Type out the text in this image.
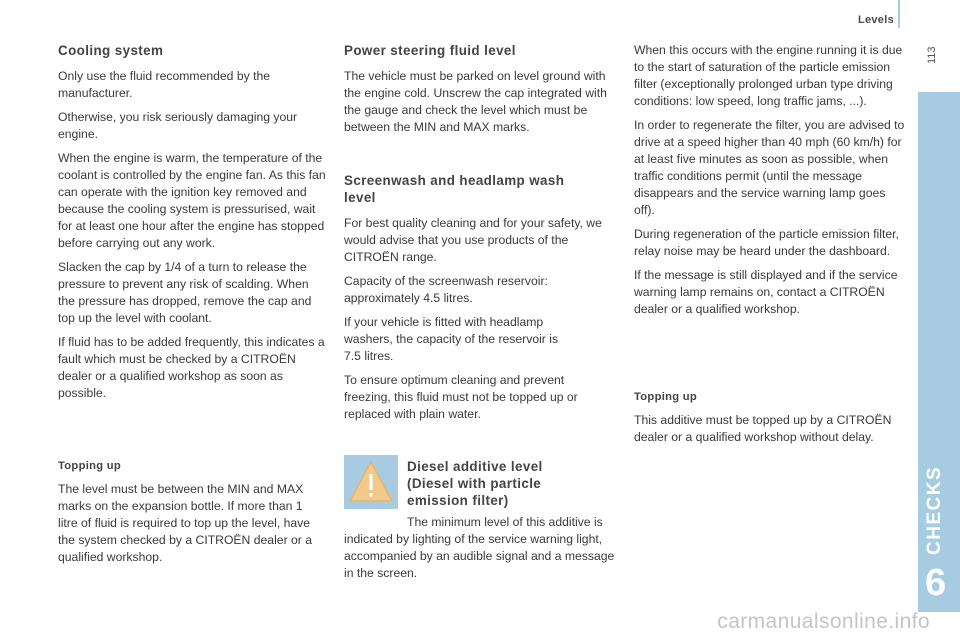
Levels
113
CHECKS
6
Cooling system

Only use the fluid recommended by the manufacturer.

Otherwise, you risk seriously damaging your engine.

When the engine is warm, the temperature of the coolant is controlled by the engine fan. As this fan can operate with the ignition key removed and because the cooling system is pressurised, wait for at least one hour after the engine has stopped before carrying out any work.

Slacken the cap by 1/4 of a turn to release the pressure to prevent any risk of scalding. When the pressure has dropped, remove the cap and top up the level with coolant.

If fluid has to be added frequently, this indicates a fault which must be checked by a CITROËN dealer or a qualified workshop as soon as possible.

Topping up

The level must be between the MIN and MAX marks on the expansion bottle. If more than 1 litre of fluid is required to top up the level, have the system checked by a CITROËN dealer or a qualified workshop.

Power steering fluid level

The vehicle must be parked on level ground with the engine cold. Unscrew the cap integrated with the gauge and check the level which must be between the MIN and MAX marks.

Screenwash and headlamp wash level

For best quality cleaning and for your safety, we would advise that you use products of the CITROËN range.

Capacity of the screenwash reservoir: approximately 4.5 litres.

If your vehicle is fitted with headlamp washers, the capacity of the reservoir is 7.5 litres.

To ensure optimum cleaning and prevent freezing, this fluid must not be topped up or replaced with plain water.

Diesel additive level (Diesel with particle emission filter)

The minimum level of this additive is indicated by lighting of the service warning light, accompanied by an audible signal and a message in the screen.

When this occurs with the engine running it is due to the start of saturation of the particle emission filter (exceptionally prolonged urban type driving conditions: low speed, long traffic jams, ...).

In order to regenerate the filter, you are advised to drive at a speed higher than 40 mph (60 km/h) for at least five minutes as soon as possible, when traffic conditions permit (until the message disappears and the service warning lamp goes off).

During regeneration of the particle emission filter, relay noise may be heard under the dashboard.

If the message is still displayed and if the service warning lamp remains on, contact a CITROËN dealer or a qualified workshop.

Topping up

This additive must be topped up by a CITROËN dealer or a qualified workshop without delay.

carmanualsonline.info
